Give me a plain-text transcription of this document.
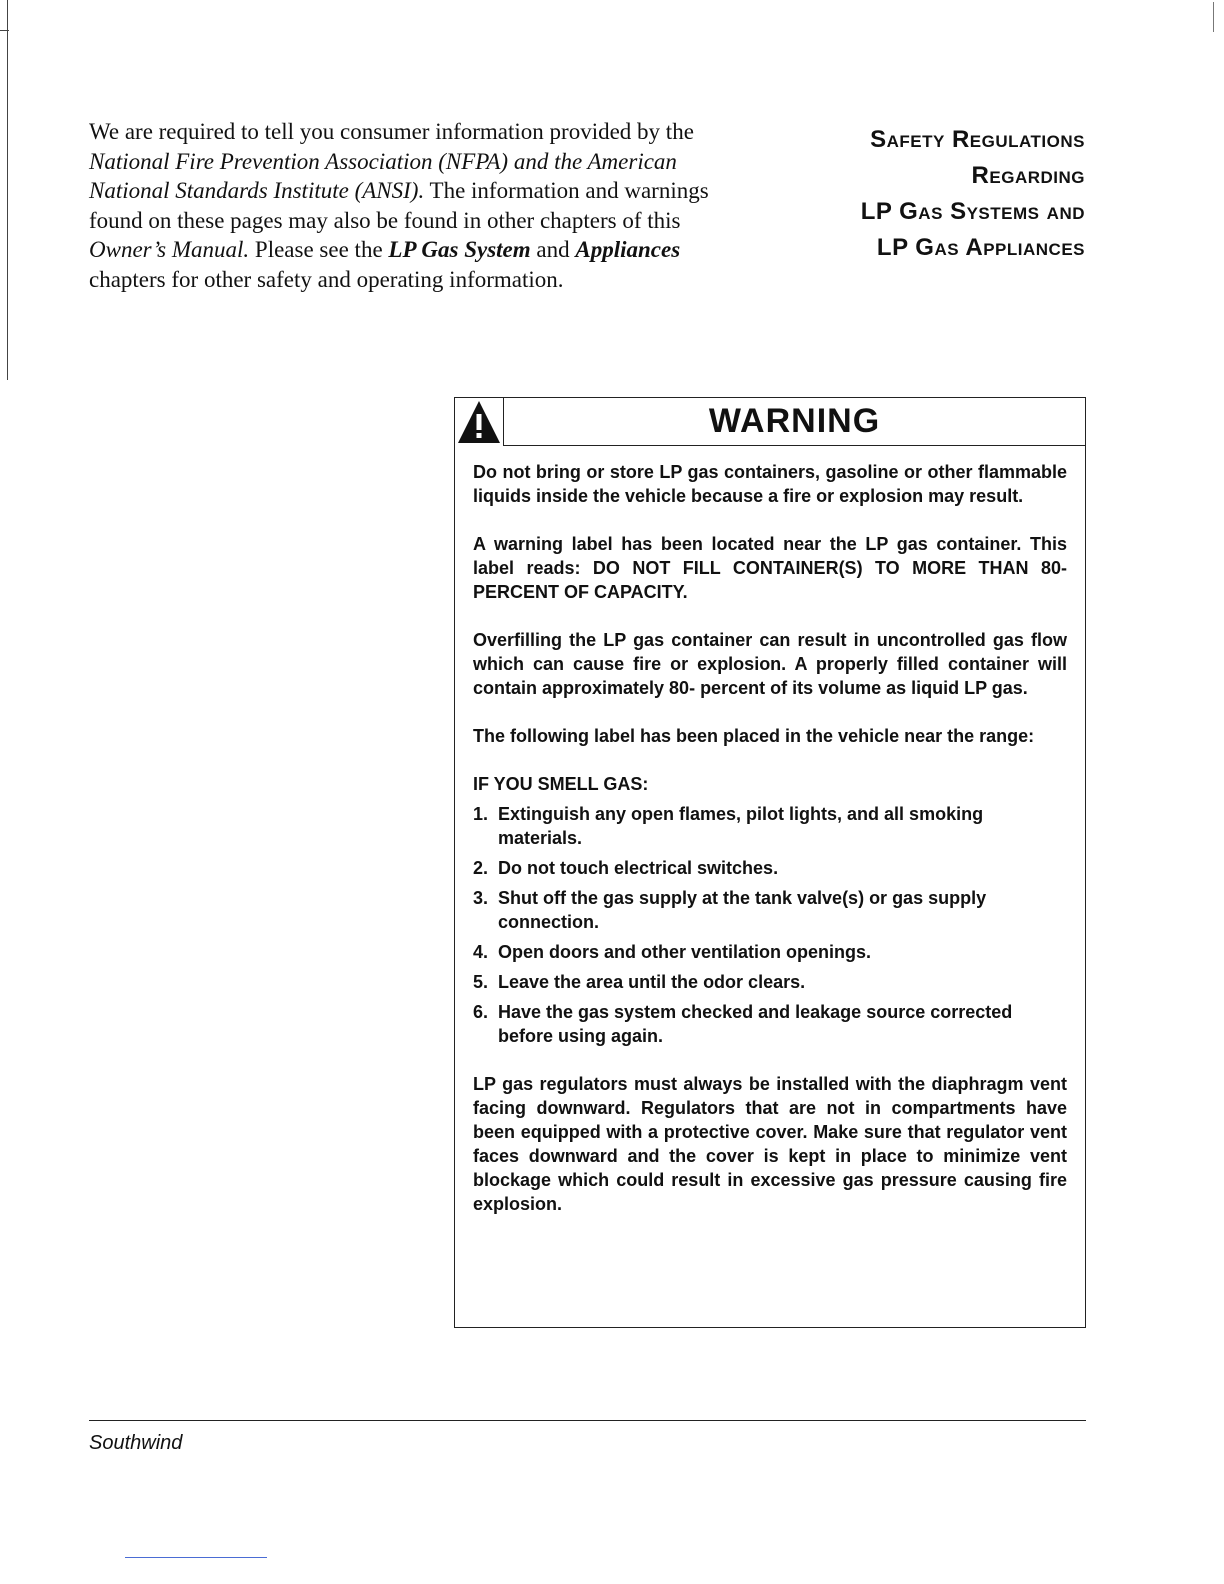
We are required to tell you consumer information provided by the National Fire Prevention Association (NFPA) and the American National Standards Institute (ANSI). The information and warnings found on these pages may also be found in other chapters of this Owner’s Manual. Please see the LP Gas System and Appliances chapters for other safety and operating information.

Safety Regulations
Regarding
LP Gas Systems and
LP Gas Appliances
WARNING

Do not bring or store LP gas containers, gasoline or other flammable liquids inside the vehicle because a fire or explosion may result.

A warning label has been located near the LP gas container. This label reads: DO NOT FILL CONTAINER(S) TO MORE THAN 80-PERCENT OF CAPACITY.

Overfilling the LP gas container can result in uncontrolled gas flow which can cause fire or explosion. A properly filled container will contain approximately 80- percent of its volume as liquid LP gas.

The following label has been placed in the vehicle near the range:

IF YOU SMELL GAS:

1. Extinguish any open flames, pilot lights, and all smoking materials.
2. Do not touch electrical switches.
3. Shut off the gas supply at the tank valve(s) or gas supply connection.
4. Open doors and other ventilation openings.
5. Leave the area until the odor clears.
6. Have the gas system checked and leakage source corrected before using again.

LP gas regulators must always be installed with the diaphragm vent facing downward. Regulators that are not in compartments have been equipped with a protective cover. Make sure that regulator vent faces downward and the cover is kept in place to minimize vent blockage which could result in excessive gas pressure causing fire explosion.

Southwind
